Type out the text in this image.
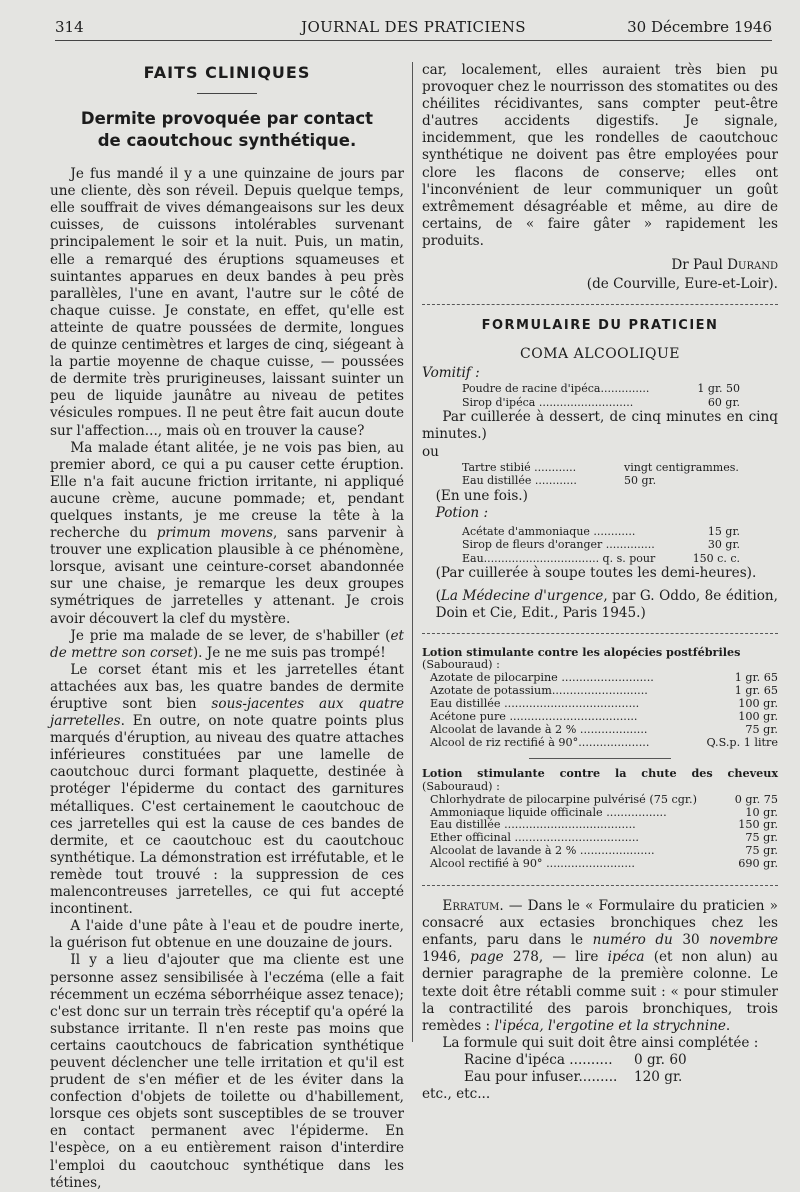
314	JOURNAL DES PRATICIENS	30 Décembre 1946
FAITS CLINIQUES
Dermite provoquée par contact
de caoutchouc synthétique.

Je fus mandé il y a une quinzaine de jours par une cliente, dès son réveil. Depuis quelque temps, elle souffrait de vives démangeaisons sur les deux cuisses, de cuissons intolérables survenant principalement le soir et la nuit. Puis, un matin, elle a remarqué des éruptions squameuses et suintantes apparues en deux bandes à peu près parallèles, l'une en avant, l'autre sur le côté de chaque cuisse. Je constate, en effet, qu'elle est atteinte de quatre poussées de dermite, longues de quinze centimètres et larges de cinq, siégeant à la partie moyenne de chaque cuisse, — poussées de dermite très prurigineuses, laissant suinter un peu de liquide jaunâtre au niveau de petites vésicules rompues. Il ne peut être fait aucun doute sur l'affection..., mais où en trouver la cause?

Ma malade étant alitée, je ne vois pas bien, au premier abord, ce qui a pu causer cette éruption. Elle n'a fait aucune friction irritante, ni appliqué aucune crème, aucune pommade; et, pendant quelques instants, je me creuse la tête à la recherche du primum movens, sans parvenir à trouver une explication plausible à ce phénomène, lorsque, avisant une ceinture-corset abandonnée sur une chaise, je remarque les deux groupes symétriques de jarretelles y attenant. Je crois avoir découvert la clef du mystère.

Je prie ma malade de se lever, de s'habiller (et de mettre son corset). Je ne me suis pas trompé!

Le corset étant mis et les jarretelles étant attachées aux bas, les quatre bandes de dermite éruptive sont bien sous-jacentes aux quatre jarretelles. En outre, on note quatre points plus marqués d'éruption, au niveau des quatre attaches inférieures constituées par une lamelle de caoutchouc durci formant plaquette, destinée à protéger l'épiderme du contact des garnitures métalliques. C'est certainement le caoutchouc de ces jarretelles qui est la cause de ces bandes de dermite, et ce caoutchouc est du caoutchouc synthétique. La démonstration est irréfutable, et le remède tout trouvé : la suppression de ces malencontreuses jarretelles, ce qui fut accepté incontinent.

A l'aide d'une pâte à l'eau et de poudre inerte, la guérison fut obtenue en une douzaine de jours.

Il y a lieu d'ajouter que ma cliente est une personne assez sensibilisée à l'eczéma (elle a fait récemment un eczéma séborrhéique assez tenace); c'est donc sur un terrain très réceptif qu'a opéré la substance irritante. Il n'en reste pas moins que certains caoutchoucs de fabrication synthétique peuvent déclencher une telle irritation et qu'il est prudent de s'en méfier et de les éviter dans la confection d'objets de toilette ou d'habillement, lorsque ces objets sont susceptibles de se trouver en contact permanent avec l'épiderme. En l'espèce, on a eu entièrement raison d'interdire l'emploi du caoutchouc synthétique dans les tétines,

car, localement, elles auraient très bien pu provoquer chez le nourrisson des stomatites ou des chéilites récidivantes, sans compter peut-être d'autres accidents digestifs. Je signale, incidemment, que les rondelles de caoutchouc synthétique ne doivent pas être employées pour clore les flacons de conserve; elles ont l'inconvénient de leur communiquer un goût extrêmement désagréable et même, au dire de certains, de « faire gâter » rapidement les produits.

Dr Paul Durand
(de Courville, Eure-et-Loir).
FORMULAIRE DU PRATICIEN
COMA ALCOOLIQUE
Vomitif :
Poudre de racine d'ipéca..............	1 gr. 50
Sirop d'ipéca ...........................	60 gr.

Par cuillerée à dessert, de cinq minutes en cinq minutes.)

ou
Tartre stibié ............	vingt centigrammes.
Eau distillée ............	50 gr.

(En une fois.)

Potion :
Acétate d'ammoniaque ............	15 gr.
Sirop de fleurs d'oranger ..............	30 gr.
Eau................................. q. s. pour	150 c. c.

(Par cuillerée à soupe toutes les demi-heures).

(La Médecine d'urgence, par G. Oddo, 8e édition, Doin et Cie, Edit., Paris 1945.)

Lotion stimulante contre les alopécies postfébriles
(Sabouraud) :
Azotate de pilocarpine ..........................	1 gr. 65
Azotate de potassium...........................	1 gr. 65
Eau distillée ......................................	100 gr.
Acétone pure ....................................	100 gr.
Alcoolat de lavande à 2 % ...................	75 gr.
Alcool de riz rectifié à 90°....................	Q.S.p. 1 litre
Lotion stimulante contre la chute des cheveux (Sabouraud) :
Chlorhydrate de pilocarpine pulvérisé (75 cgr.)	0 gr. 75
Ammoniaque liquide officinale .................	10 gr.
Eau distillée .....................................	150 gr.
Ether officinal ...................................	75 gr.
Alcoolat de lavande à 2 % .....................	75 gr.
Alcool rectifié à 90° .........................	690 gr.

Erratum. — Dans le « Formulaire du praticien » consacré aux ectasies bronchiques chez les enfants, paru dans le numéro du 30 novembre 1946, page 278, — lire ipéca (et non alun) au dernier paragraphe de la première colonne. Le texte doit être rétabli comme suit : « pour stimuler la contractilité des parois bronchiques, trois remèdes : l'ipéca, l'ergotine et la strychnine.

La formule qui suit doit être ainsi complétée :

Racine d'ipéca ..........	0 gr. 60
Eau pour infuser.........	120 gr.
etc., etc...
